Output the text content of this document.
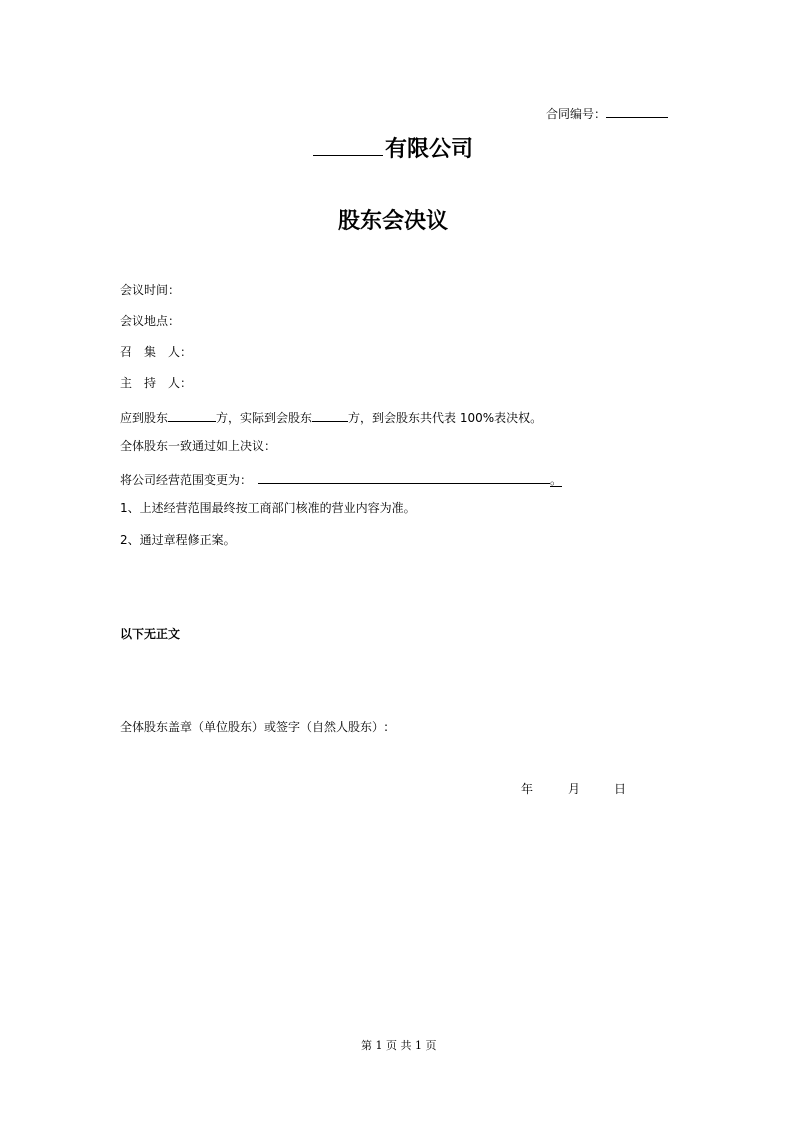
合同编号：
有限公司
股东会决议
会议时间：
会议地点：
召 集 人：
主 持 人：
应到股东	方，实际到会股东	方，到会股东共代表 100%表决权。
全体股东一致通过如上决议：
将公司经营范围变更为：	。
1、上述经营范围最终按工商部门核准的营业内容为准。
2、通过章程修正案。
以下无正文
全体股东盖章（单位股东）或签字（自然人股东）:
年	月	日
第 1 页 共 1 页
